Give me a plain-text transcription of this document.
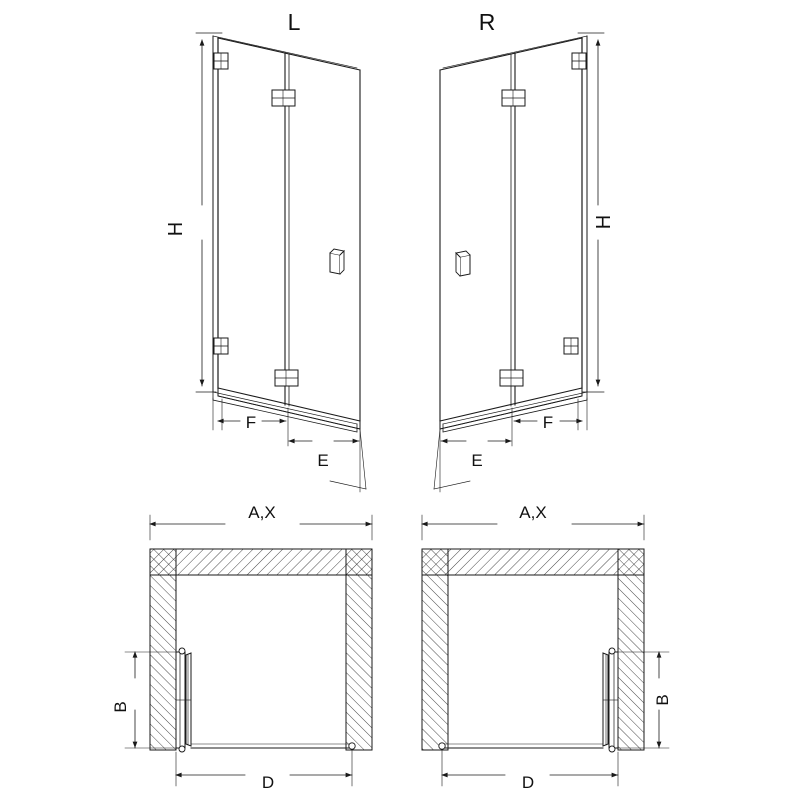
L	R
H	H
F
E
F
E
A,X	A,X
B
B
D	D
